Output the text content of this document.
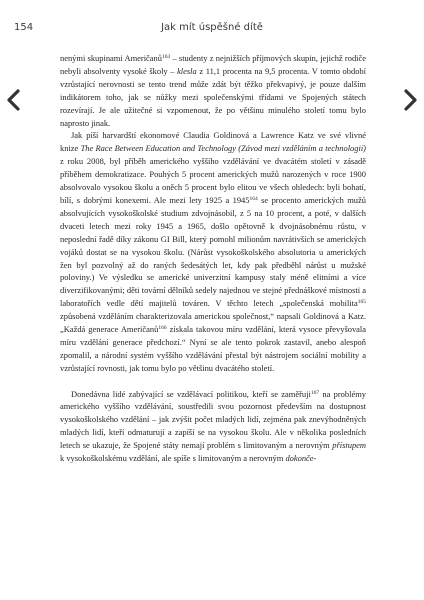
154	Jak mít úspěšné dítě

nenými skupinami Američanů$^{163}$ – studenty z nejnižších příjmových skupin, jejichž rodiče nebyli absolventy vysoké školy – klesla z 11,1 procenta na 9,5 procenta. V tomto období vzrůstající nerovnosti se tento trend může zdát být těžko překvapivý, je pouze dalším indikátorem toho, jak se nůžky mezi společenskými třídami ve Spojených státech rozevírají. Je ale užitečné si vzpomenout, že po většinu minulého století tomu bylo naprosto jinak.

Jak píší harvardští ekonomové Claudia Goldinová a Lawrence Katz ve své vlivné knize The Race Between Education and Technology (Závod mezi vzděláním a technologií) z roku 2008, byl příběh amerického vyššího vzdělávání ve dvacátém století v zásadě příběhem demokratizace. Pouhých 5 procent amerických mužů narozených v roce 1900 absolvovalo vysokou školu a oněch 5 procent bylo elitou ve všech ohledech: byli bohatí, bílí, s dobrými konexemi. Ale mezi lety 1925 a 1945$^{164}$ se procento amerických mužů absolvujících vysokoškolské studium zdvojnásobil, z 5 na 10 procent, a poté, v dalších dvaceti letech mezi roky 1945 a 1965, došlo opětovně k dvojnásobnému růstu, v neposlední řadě díky zákonu GI Bill, který pomohl milionům navrátivších se amerických vojáků dostat se na vysokou školu. (Nárůst vysokoškolského absolutoria u amerických žen byl pozvolný až do raných šedesátých let, kdy pak předběhl nárůst u mužské poloviny.) Ve výsledku se americké univerzitní kampusy staly méně elitními a více diverzifikovanými; děti tovární dělníků sedely najednou ve stejné přednáškové místnosti a laboratořích vedle dětí majitelů továren. V těchto letech „společenská mobilita$^{165}$ způsobená vzděláním charakterizovala americkou společnost,“ napsali Goldinová a Katz. „Každá generace Američanů$^{166}$ získala takovou míru vzdělání, která vysoce převyšovala míru vzdělání generace předchozí.“ Nyní se ale tento pokrok zastavil, anebo alespoň zpomalil, a národní systém vyššího vzdělávání přestal být nástrojem sociální mobility a vzrůstající rovnosti, jak tomu bylo po většinu dvacátého století.

Donedávna lidé zabývající se vzdělávací politikou, kteří se zaměřuji$^{167}$ na problémy amerického vyššího vzdělávání, soustředili svou pozornost především na dostupnost vysokoškolského vzdělání – jak zvýšit počet mladých lidí, zejména pak znevýhodněných mladých lidí, kteří odmaturují a zapíší se na vysokou školu. Ale v několika posledních letech se ukazuje, že Spojené státy nemají problém s limitovaným a nerovným přístupem k vysokoškolskému vzdělání, ale spíše s limitovaným a nerovným dokonče-
